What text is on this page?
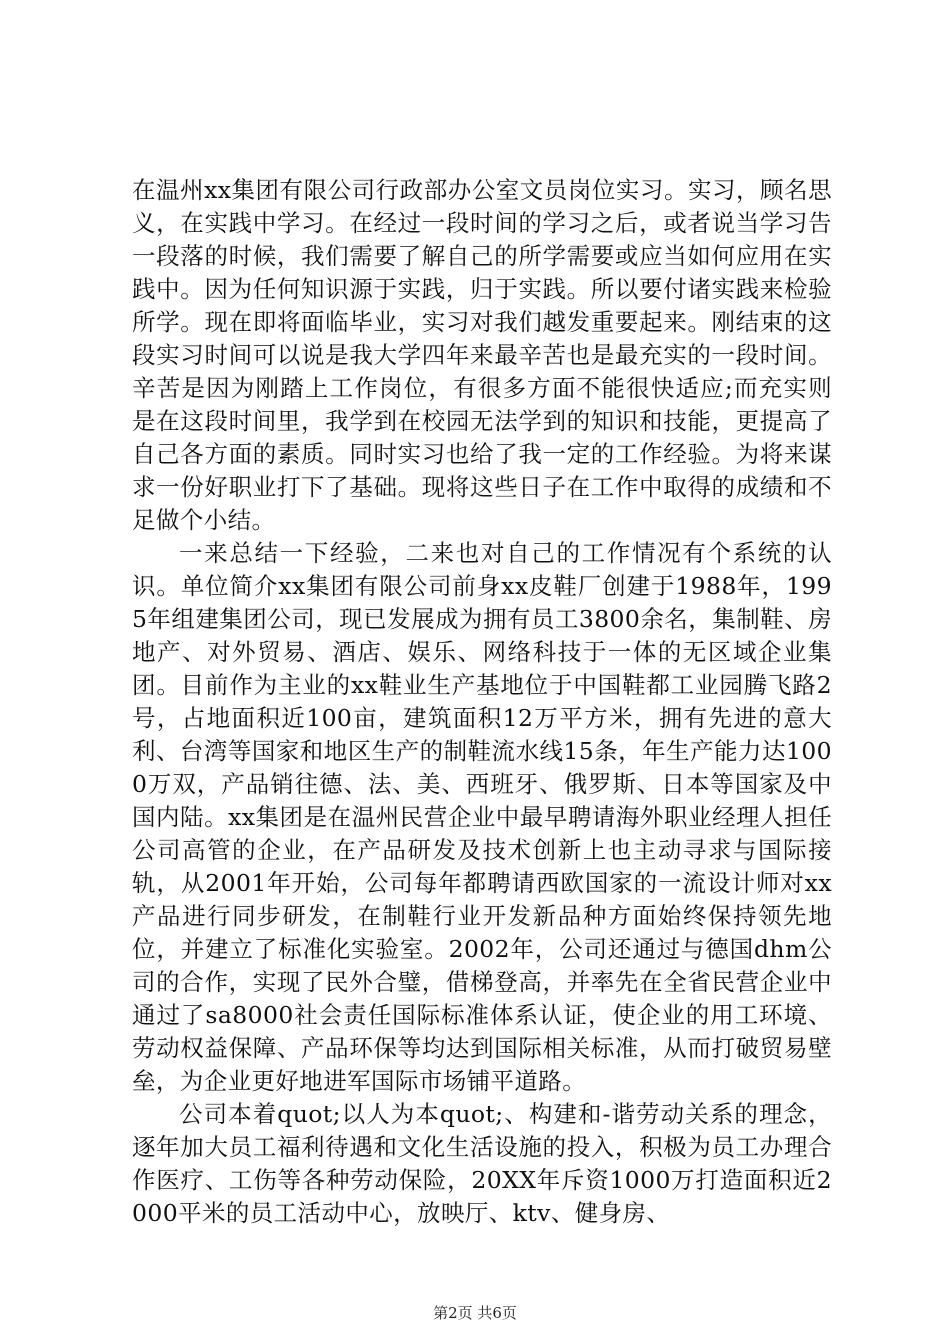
在温州xx集团有限公司行政部办公室文员岗位实习。实习，顾名思义，在实践中学习。在经过一段时间的学习之后，或者说当学习告一段落的时候，我们需要了解自己的所学需要或应当如何应用在实践中。因为任何知识源于实践，归于实践。所以要付诸实践来检验所学。现在即将面临毕业，实习对我们越发重要起来。刚结束的这段实习时间可以说是我大学四年来最辛苦也是最充实的一段时间。辛苦是因为刚踏上工作岗位，有很多方面不能很快适应;而充实则是在这段时间里，我学到在校园无法学到的知识和技能，更提高了自己各方面的素质。同时实习也给了我一定的工作经验。为将来谋求一份好职业打下了基础。现将这些日子在工作中取得的成绩和不足做个小结。

一来总结一下经验，二来也对自己的工作情况有个系统的认识。单位简介xx集团有限公司前身xx皮鞋厂创建于1988年，1995年组建集团公司，现已发展成为拥有员工3800余名，集制鞋、房地产、对外贸易、酒店、娱乐、网络科技于一体的无区域企业集团。目前作为主业的xx鞋业生产基地位于中国鞋都工业园腾飞路2号，占地面积近100亩，建筑面积12万平方米，拥有先进的意大利、台湾等国家和地区生产的制鞋流水线15条，年生产能力达1000万双，产品销往德、法、美、西班牙、俄罗斯、日本等国家及中国内陆。xx集团是在温州民营企业中最早聘请海外职业经理人担任公司高管的企业，在产品研发及技术创新上也主动寻求与国际接轨，从2001年开始，公司每年都聘请西欧国家的一流设计师对xx产品进行同步研发，在制鞋行业开发新品种方面始终保持领先地位，并建立了标准化实验室。2002年，公司还通过与德国dhm公司的合作，实现了民外合璧，借梯登高，并率先在全省民营企业中通过了sa8000社会责任国际标准体系认证，使企业的用工环境、劳动权益保障、产品环保等均达到国际相关标准，从而打破贸易壁垒，为企业更好地进军国际市场铺平道路。

公司本着quot;以人为本quot;、构建和-谐劳动关系的理念，逐年加大员工福利待遇和文化生活设施的投入，积极为员工办理合作医疗、工伤等各种劳动保险，20XX年斥资1000万打造面积近2000平米的员工活动中心，放映厅、ktv、健身房、

第2页 共6页
